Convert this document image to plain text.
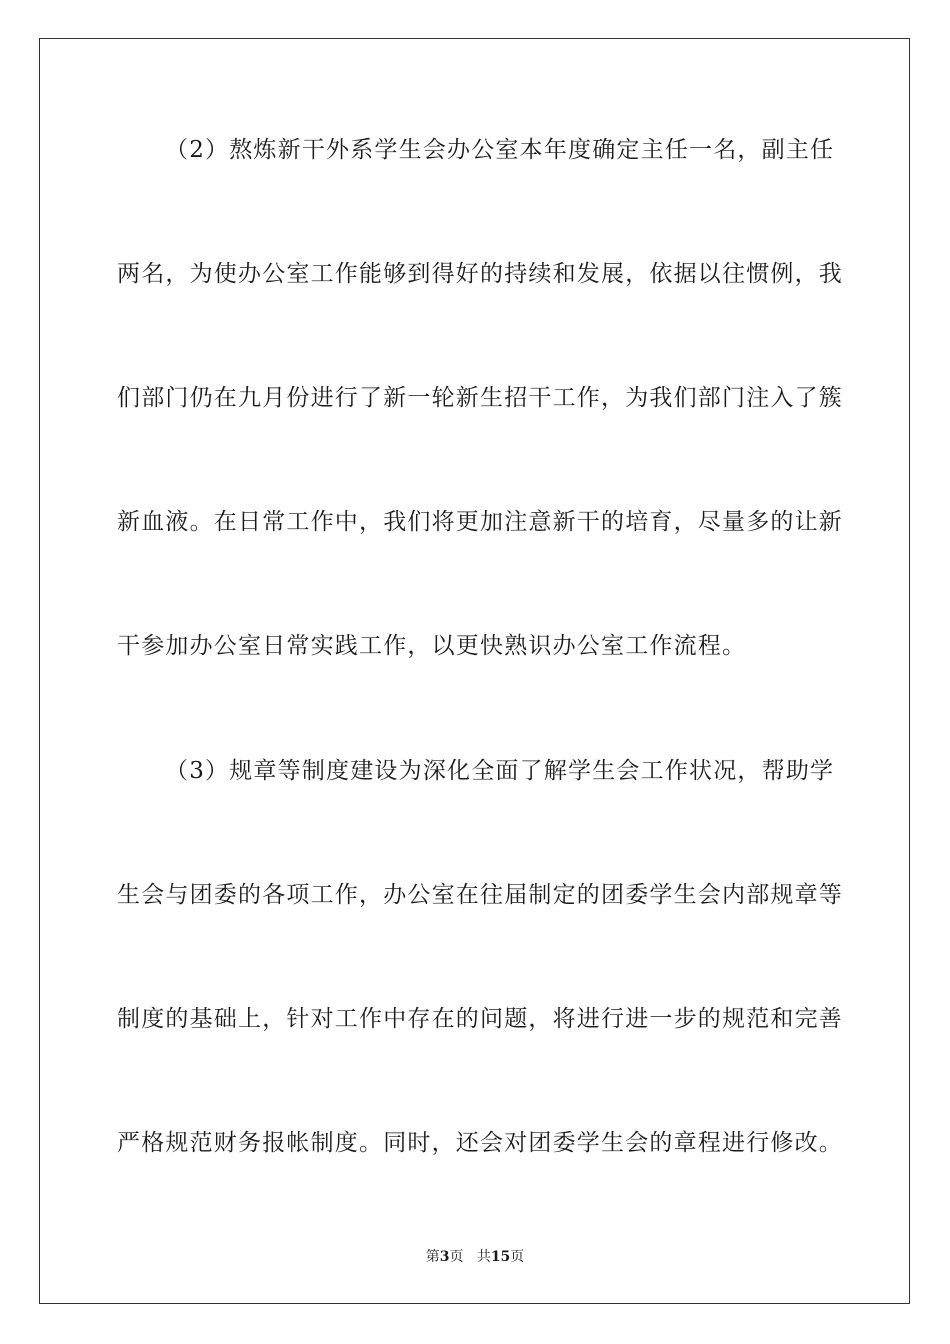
（2）熬炼新干外系学生会办公室本年度确定主任一名，副主任
两名，为使办公室工作能够到得好的持续和发展，依据以往惯例，我
们部门仍在九月份进行了新一轮新生招干工作，为我们部门注入了簇
新血液。在日常工作中，我们将更加注意新干的培育，尽量多的让新
干参加办公室日常实践工作，以更快熟识办公室工作流程。
（3）规章等制度建设为深化全面了解学生会工作状况，帮助学
生会与团委的各项工作，办公室在往届制定的团委学生会内部规章等
制度的基础上，针对工作中存在的问题，将进行进一步的规范和完善
严格规范财务报帐制度。同时，还会对团委学生会的章程进行修改。
第3页 共15页
